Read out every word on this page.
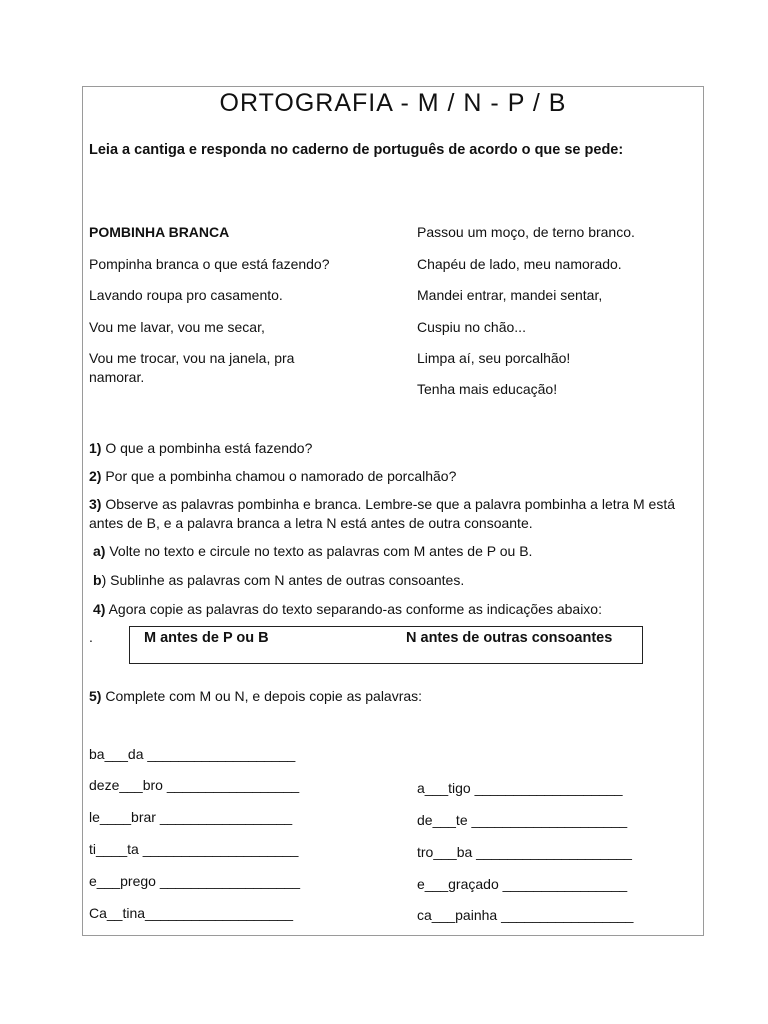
ORTOGRAFIA - M / N - P / B
Leia a cantiga e responda no caderno de português de acordo o que se pede:
POMBINHA BRANCA
Pompinha branca o que está fazendo?
Lavando roupa pro casamento.
Vou me lavar, vou me secar,
Vou me trocar, vou na janela, pra
namorar.
Passou um moço, de terno branco.
Chapéu de lado, meu namorado.
Mandei entrar, mandei sentar,
Cuspiu no chão...
Limpa aí, seu porcalhão!
Tenha mais educação!
1) O que a pombinha está fazendo?
2) Por que a pombinha chamou o namorado de porcalhão?
3) Observe as palavras pombinha e branca. Lembre-se que a palavra pombinha a letra M está antes de B, e a palavra branca a letra N está antes de outra consoante.
a) Volte no texto e circule no texto as palavras com M antes de P ou B.
b) Sublinhe as palavras com N antes de outras consoantes.
4) Agora copie as palavras do texto separando-as conforme as indicações abaixo:
.	M antes de P ou B	N antes de outras consoantes
5) Complete com M ou N, e depois copie as palavras:
ba___da ___________________
deze___bro _________________
le____brar _________________
ti____ta ____________________
e___prego __________________
Ca__tina___________________
a___tigo ___________________
de___te ____________________
tro___ba ____________________
e___graçado ________________
ca___painha _________________
